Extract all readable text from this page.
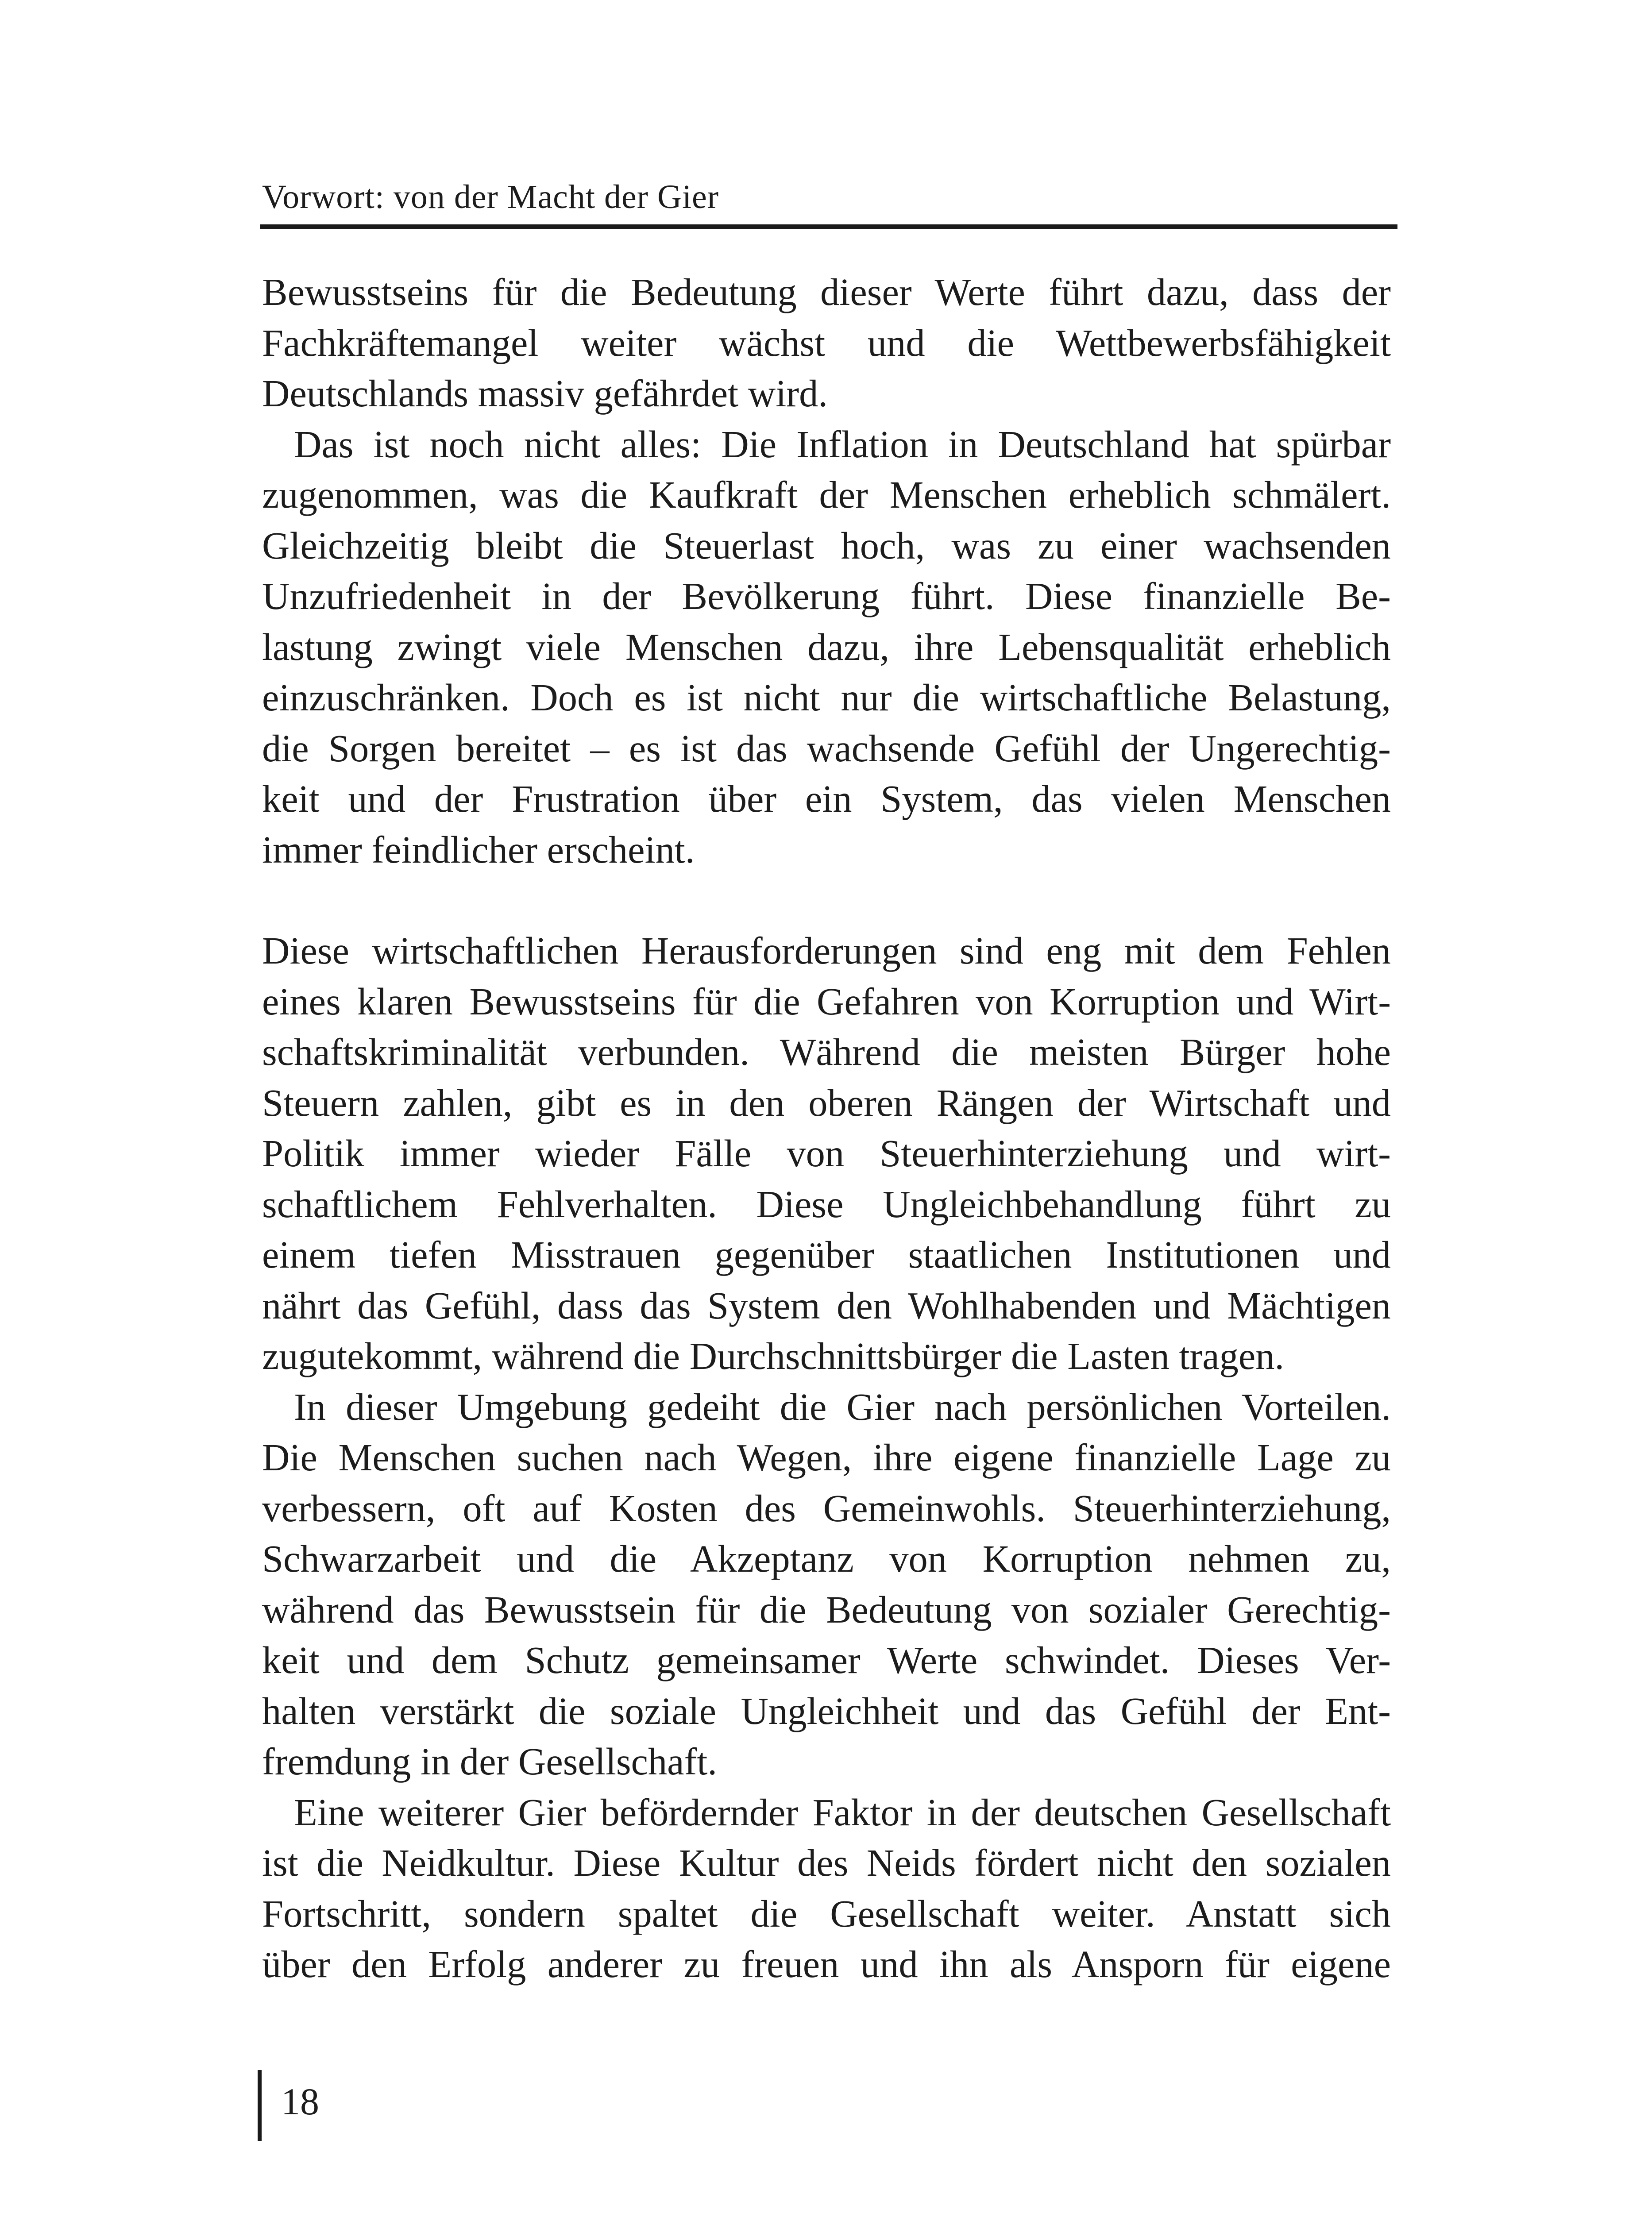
Vorwort: von der Macht der Gier

Bewusstseins für die Bedeutung dieser Werte führt dazu, dass der
Fachkräftemangel weiter wächst und die Wettbewerbsfähigkeit
Deutschlands massiv gefährdet wird.

Das ist noch nicht alles: Die Inflation in Deutschland hat spürbar
zugenommen, was die Kaufkraft der Menschen erheblich schmälert.
Gleichzeitig bleibt die Steuerlast hoch, was zu einer wachsenden
Unzufriedenheit in der Bevölkerung führt. Diese finanzielle Be-
lastung zwingt viele Menschen dazu, ihre Lebensqualität erheblich
einzuschränken. Doch es ist nicht nur die wirtschaftliche Belastung,
die Sorgen bereitet – es ist das wachsende Gefühl der Ungerechtig-
keit und der Frustration über ein System, das vielen Menschen
immer feindlicher erscheint.

Diese wirtschaftlichen Herausforderungen sind eng mit dem Fehlen
eines klaren Bewusstseins für die Gefahren von Korruption und Wirt-
schaftskriminalität verbunden. Während die meisten Bürger hohe
Steuern zahlen, gibt es in den oberen Rängen der Wirtschaft und
Politik immer wieder Fälle von Steuerhinterziehung und wirt-
schaftlichem Fehlverhalten. Diese Ungleichbehandlung führt zu
einem tiefen Misstrauen gegenüber staatlichen Institutionen und
nährt das Gefühl, dass das System den Wohlhabenden und Mächtigen
zugutekommt, während die Durchschnittsbürger die Lasten tragen.

In dieser Umgebung gedeiht die Gier nach persönlichen Vorteilen.
Die Menschen suchen nach Wegen, ihre eigene finanzielle Lage zu
verbessern, oft auf Kosten des Gemeinwohls. Steuerhinterziehung,
Schwarzarbeit und die Akzeptanz von Korruption nehmen zu,
während das Bewusstsein für die Bedeutung von sozialer Gerechtig-
keit und dem Schutz gemeinsamer Werte schwindet. Dieses Ver-
halten verstärkt die soziale Ungleichheit und das Gefühl der Ent-
fremdung in der Gesellschaft.

Eine weiterer Gier befördernder Faktor in der deutschen Gesellschaft
ist die Neidkultur. Diese Kultur des Neids fördert nicht den sozialen
Fortschritt, sondern spaltet die Gesellschaft weiter. Anstatt sich
über den Erfolg anderer zu freuen und ihn als Ansporn für eigene

18
